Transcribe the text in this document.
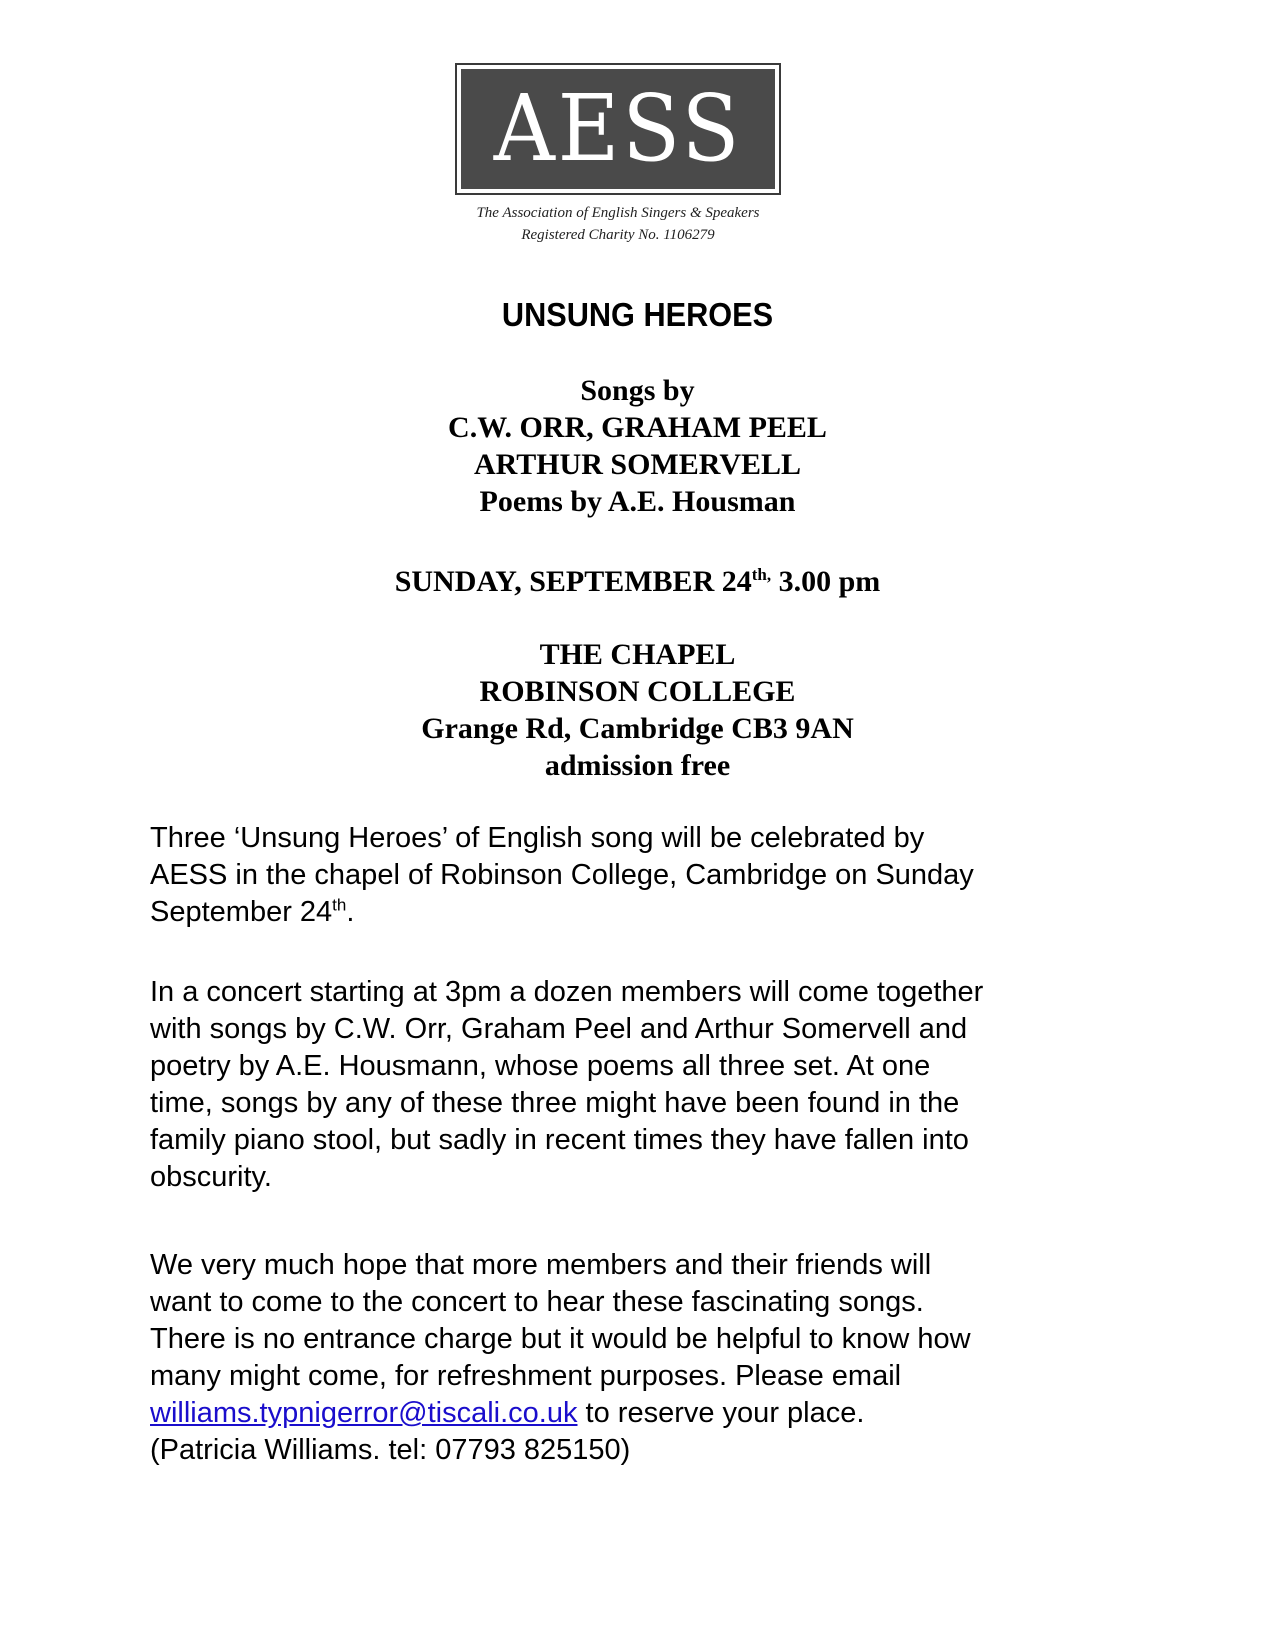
AESS
The Association of English Singers & Speakers
Registered Charity No. 1106279
UNSUNG HEROES
Songs by
C.W. ORR, GRAHAM PEEL
ARTHUR SOMERVELL
Poems by A.E. Housman
SUNDAY, SEPTEMBER $24^{th,}$ 3.00 pm
THE CHAPEL
ROBINSON COLLEGE
Grange Rd, Cambridge CB3 9AN
admission free
Three ‘Unsung Heroes’ of English song will be celebrated by
AESS in the chapel of Robinson College, Cambridge on Sunday
September 24th.
In a concert starting at 3pm a dozen members will come together
with songs by C.W. Orr, Graham Peel and Arthur Somervell and
poetry by A.E. Housmann, whose poems all three set. At one
time, songs by any of these three might have been found in the
family piano stool, but sadly in recent times they have fallen into
obscurity.
We very much hope that more members and their friends will
want to come to the concert to hear these fascinating songs.
There is no entrance charge but it would be helpful to know how
many might come, for refreshment purposes. Please email
williams.typnigerror@tiscali.co.uk to reserve your place.
(Patricia Williams. tel: 07793 825150)
